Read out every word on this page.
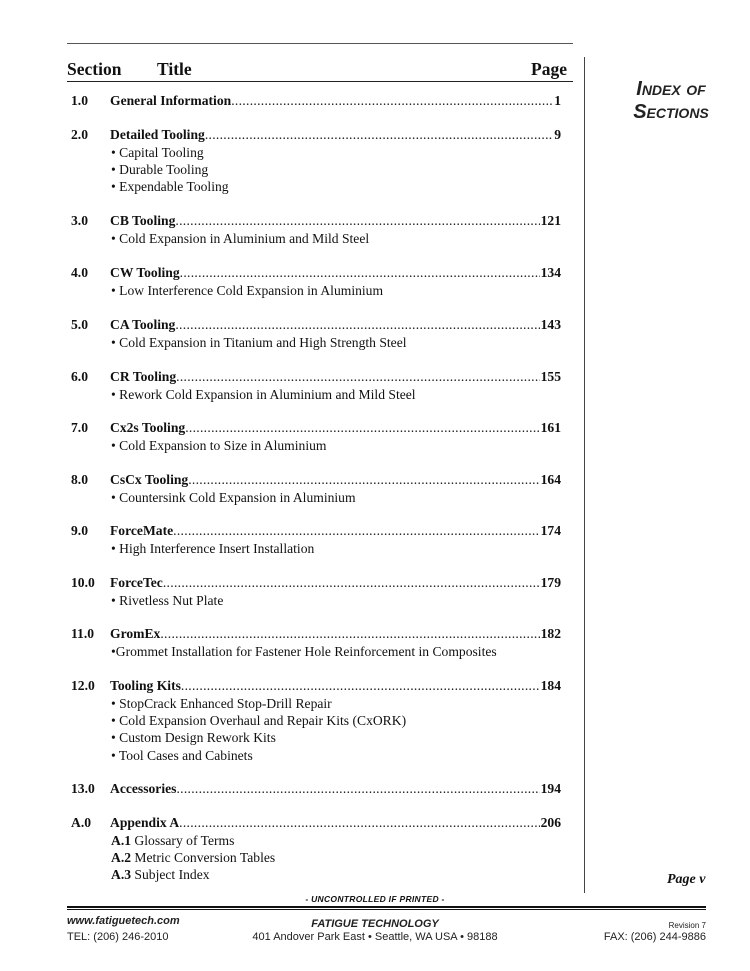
Section Title	Page
Index of
Sections
1.0 General Information .....	1
2.0 Detailed Tooling .....	9
• Capital Tooling
• Durable Tooling
• Expendable Tooling
3.0 CB Tooling .....	121
• Cold Expansion in Aluminium and Mild Steel
4.0 CW Tooling .....	134
• Low Interference Cold Expansion in Aluminium
5.0 CA Tooling .....	143
• Cold Expansion in Titanium and High Strength Steel
6.0 CR Tooling .....	155
• Rework Cold Expansion in Aluminium and Mild Steel
7.0 Cx2s Tooling .....	161
• Cold Expansion to Size in Aluminium
8.0 CsCx Tooling .....	164
• Countersink Cold Expansion in Aluminium
9.0 ForceMate .....	174
• High Interference Insert Installation
10.0 ForceTec .....	179
• Rivetless Nut Plate
11.0 GromEx .....	182
•Grommet Installation for Fastener Hole Reinforcement in Composites
12.0 Tooling Kits .....	184
• StopCrack Enhanced Stop-Drill Repair
• Cold Expansion Overhaul and Repair Kits (CxORK)
• Custom Design Rework Kits
• Tool Cases and Cabinets
13.0 Accessories .....	194
A.0 Appendix A .....	206
A.1 Glossary of Terms
A.2 Metric Conversion Tables
A.3 Subject Index	Page v
- UNCONTROLLED IF PRINTED -
www.fatiguetech.com
TEL: (206) 246-2010
FATIGUE TECHNOLOGY
401 Andover Park East • Seattle, WA USA • 98188
Revision 7
FAX: (206) 244-9886
